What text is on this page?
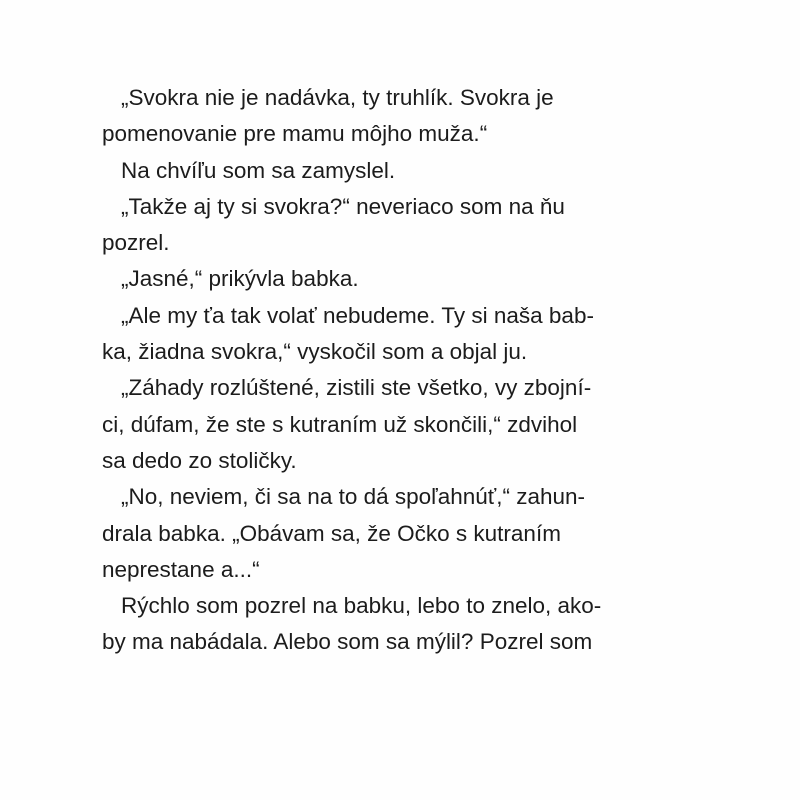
„Svokra nie je nadávka, ty truhlík. Svokra je
pomenovanie pre mamu môjho muža.“
Na chvíľu som sa zamyslel.
„Takže aj ty si svokra?“ neveriaco som na ňu
pozrel.
„Jasné,“ prikývla babka.
„Ale my ťa tak volať nebudeme. Ty si naša bab-
ka, žiadna svokra,“ vyskočil som a objal ju.
„Záhady rozlúštené, zistili ste všetko, vy zbojní-
ci, dúfam, že ste s kutraním už skončili,“ zdvihol
sa dedo zo stoličky.
„No, neviem, či sa na to dá spoľahnúť,“ zahun-
drala babka. „Obávam sa, že Očko s kutraním
neprestane a...“
Rýchlo som pozrel na babku, lebo to znelo, ako-
by ma nabádala. Alebo som sa mýlil? Pozrel som
